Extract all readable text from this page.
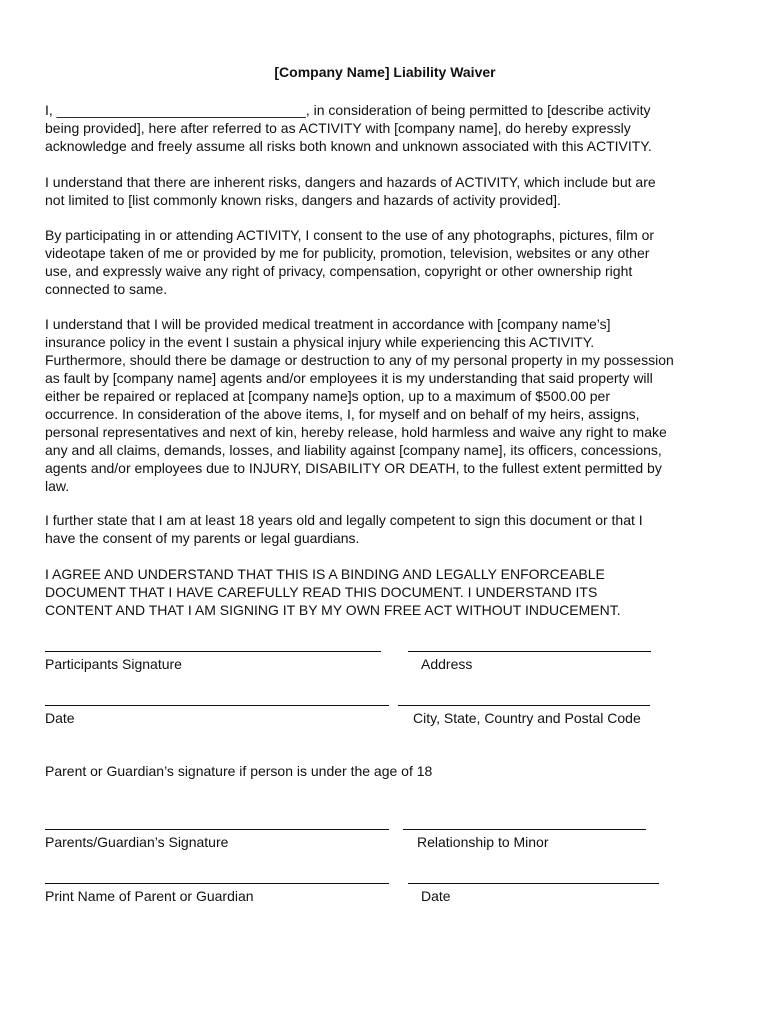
[Company Name] Liability Waiver
I, ________________________________, in consideration of being permitted to [describe activity
being provided], here after referred to as ACTIVITY with [company name], do hereby expressly
acknowledge and freely assume all risks both known and unknown associated with this ACTIVITY.
I understand that there are inherent risks, dangers and hazards of ACTIVITY, which include but are
not limited to [list commonly known risks, dangers and hazards of activity provided].
By participating in or attending ACTIVITY, I consent to the use of any photographs, pictures, film or
videotape taken of me or provided by me for publicity, promotion, television, websites or any other
use, and expressly waive any right of privacy, compensation, copyright or other ownership right
connected to same.
I understand that I will be provided medical treatment in accordance with [company name’s]
insurance policy in the event I sustain a physical injury while experiencing this ACTIVITY.
Furthermore, should there be damage or destruction to any of my personal property in my possession
as fault by [company name] agents and/or employees it is my understanding that said property will
either be repaired or replaced at [company name]s option, up to a maximum of $500.00 per
occurrence. In consideration of the above items, I, for myself and on behalf of my heirs, assigns,
personal representatives and next of kin, hereby release, hold harmless and waive any right to make
any and all claims, demands, losses, and liability against [company name], its officers, concessions,
agents and/or employees due to INJURY, DISABILITY OR DEATH, to the fullest extent permitted by
law.
I further state that I am at least 18 years old and legally competent to sign this document or that I
have the consent of my parents or legal guardians.
I AGREE AND UNDERSTAND THAT THIS IS A BINDING AND LEGALLY ENFORCEABLE
DOCUMENT THAT I HAVE CAREFULLY READ THIS DOCUMENT. I UNDERSTAND ITS
CONTENT AND THAT I AM SIGNING IT BY MY OWN FREE ACT WITHOUT INDUCEMENT.
Participants Signature	Address
Date	City, State, Country and Postal Code
Parent or Guardian’s signature if person is under the age of 18
Parents/Guardian’s Signature	Relationship to Minor
Print Name of Parent or Guardian	Date
